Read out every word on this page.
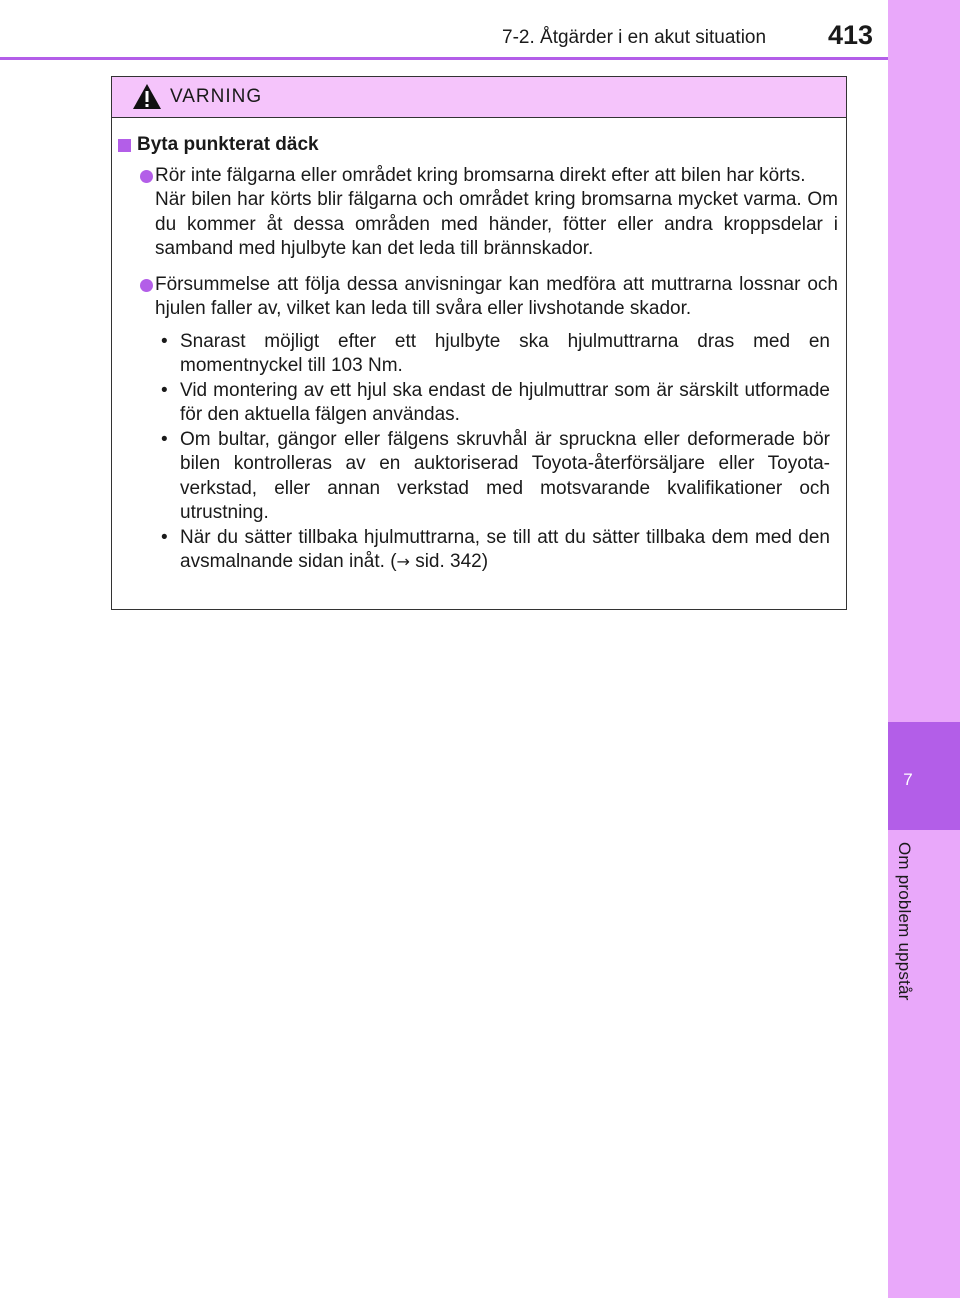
7-2. Åtgärder i en akut situation 413
7
Om problem uppstår
VARNING
Byta punkterat däck
Rör inte fälgarna eller området kring bromsarna direkt efter att bilen har körts.
När bilen har körts blir fälgarna och området kring bromsarna mycket varma. Om du kommer åt dessa områden med händer, fötter eller andra kroppsdelar i samband med hjulbyte kan det leda till brännskador.
Försummelse att följa dessa anvisningar kan medföra att muttrarna lossnar och hjulen faller av, vilket kan leda till svåra eller livshotande skador.
• Snarast möjligt efter ett hjulbyte ska hjulmuttrarna dras med en momentnyckel till 103 Nm.
• Vid montering av ett hjul ska endast de hjulmuttrar som är särskilt utformade för den aktuella fälgen användas.
• Om bultar, gängor eller fälgens skruvhål är spruckna eller deformerade bör bilen kontrolleras av en auktoriserad Toyota-återförsäljare eller Toyota-verkstad, eller annan verkstad med motsvarande kvalifikationer och utrustning.
• När du sätter tillbaka hjulmuttrarna, se till att du sätter tillbaka dem med den avsmalnande sidan inåt. (→ sid. 342)
